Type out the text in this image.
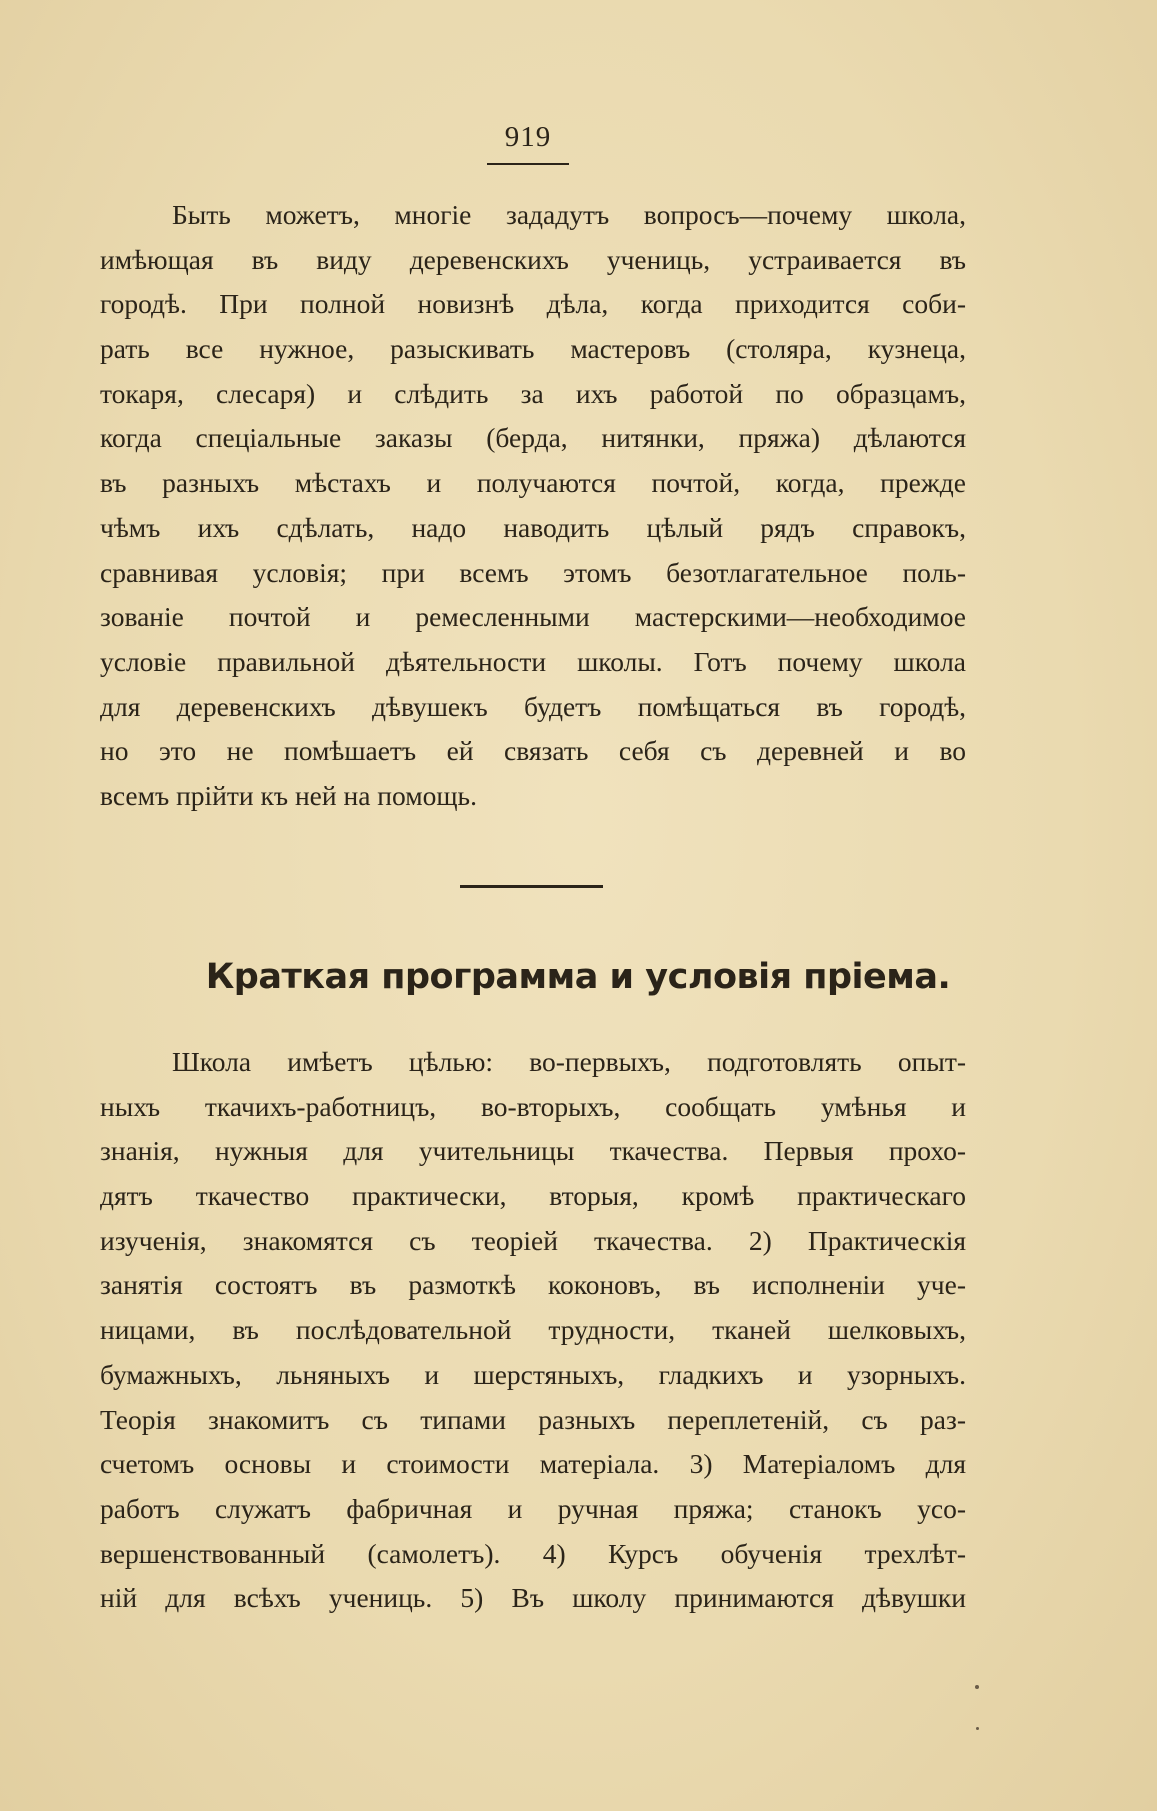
919

Быть можетъ, многіе зададутъ вопросъ—почему школа,
имѣющая въ виду деревенскихъ учениць, устраивается въ
городѣ. При полной новизнѣ дѣла, когда приходится соби-
рать все нужное, разыскивать мастеровъ (столяра, кузнеца,
токаря, слесаря) и слѣдить за ихъ работой по образцамъ,
когда спеціальные заказы (берда, нитянки, пряжа) дѣлаются
въ разныхъ мѣстахъ и получаются почтой, когда, прежде
чѣмъ ихъ сдѣлать, надо наводить цѣлый рядъ справокъ,
сравнивая условія; при всемъ этомъ безотлагательное поль-
зованіе почтой и ремесленными мастерскими—необходимое
условіе правильной дѣятельности школы. Готъ почему школа
для деревенскихъ дѣвушекъ будетъ помѣщаться въ городѣ,
но это не помѣшаетъ ей связать себя съ деревней и во
всемъ прійти къ ней на помощь.

Краткая программа и условія пріема.

Школа имѣетъ цѣлью: во-первыхъ, подготовлять опыт-
ныхъ ткачихъ-работницъ, во-вторыхъ, сообщать умѣнья и
знанія, нужныя для учительницы ткачества. Первыя прохо-
дятъ ткачество практически, вторыя, кромѣ практическаго
изученія, знакомятся съ теоріей ткачества. 2) Практическія
занятія состоятъ въ размоткѣ коконовъ, въ исполненіи уче-
ницами, въ послѣдовательной трудности, тканей шелковыхъ,
бумажныхъ, льняныхъ и шерстяныхъ, гладкихъ и узорныхъ.
Теорія знакомитъ съ типами разныхъ переплетеній, съ раз-
счетомъ основы и стоимости матеріала. 3) Матеріаломъ для
работъ служатъ фабричная и ручная пряжа; станокъ усо-
вершенствованный (самолетъ). 4) Курсъ обученія трехлѣт-
ній для всѣхъ учениць. 5) Въ школу принимаются дѣвушки
